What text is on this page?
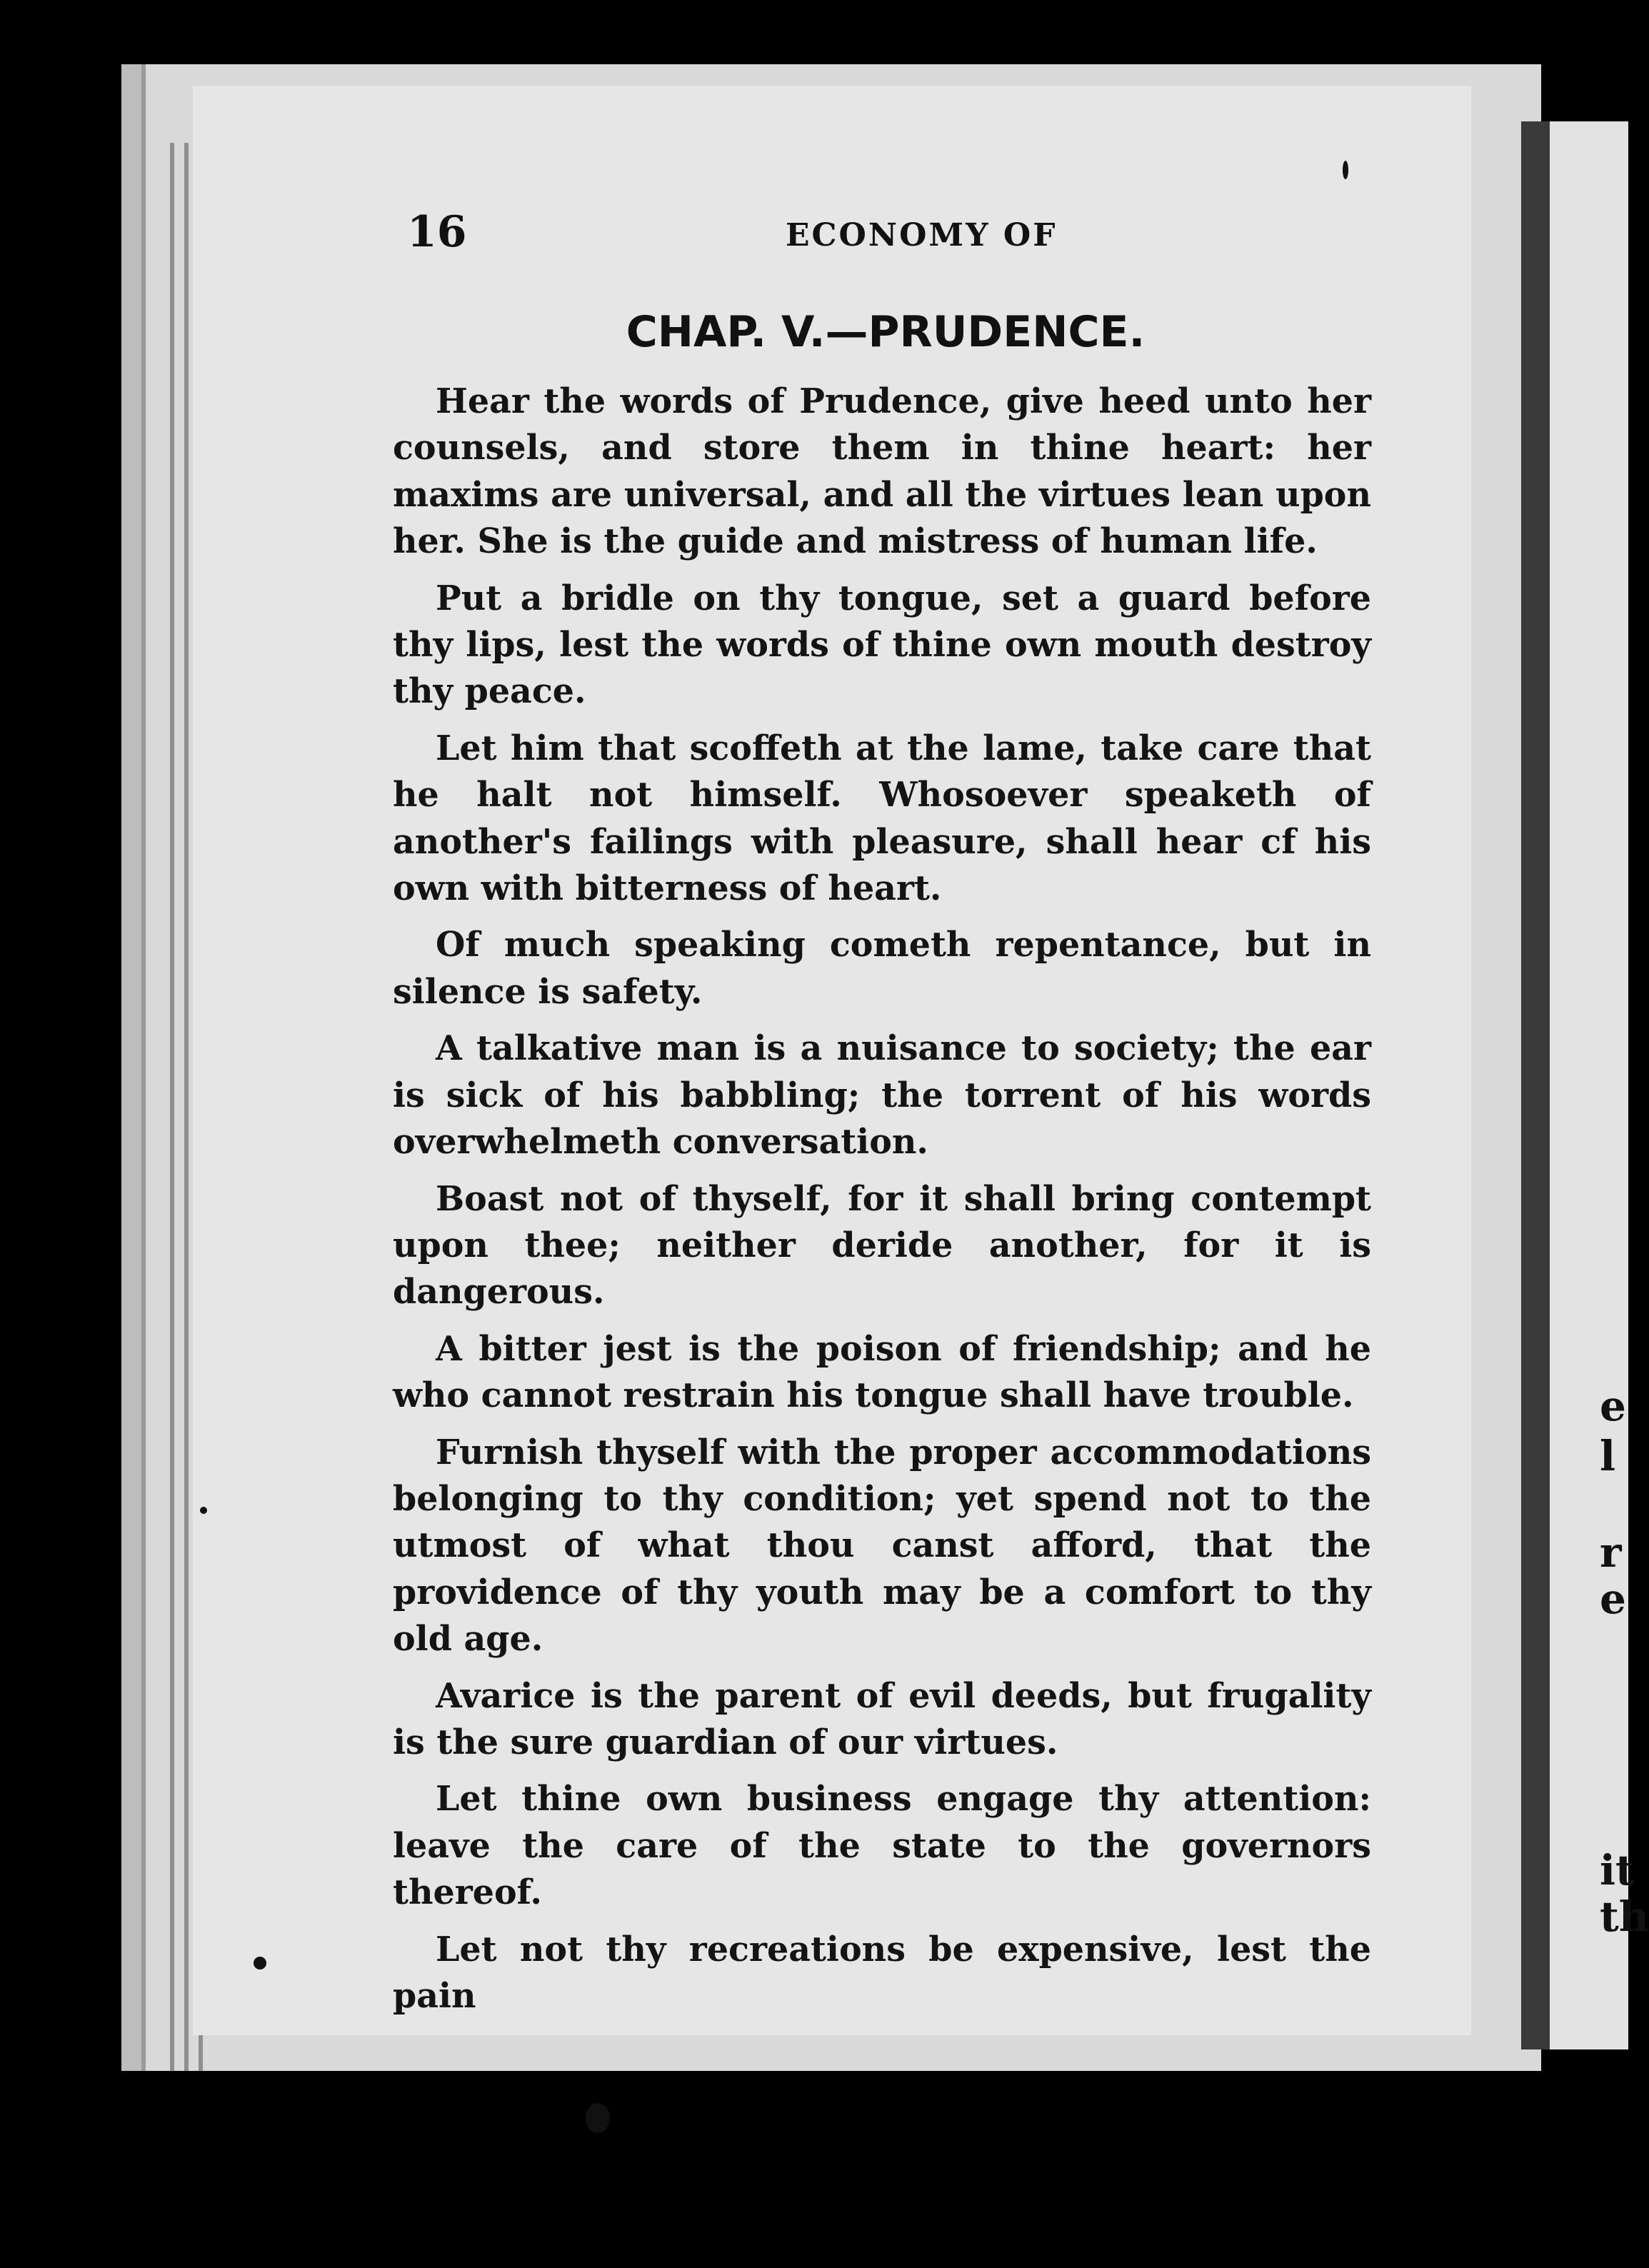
e
l
r
e
it
th
16	ECONOMY OF
CHAP. V.—PRUDENCE.

Hear the words of Prudence, give heed unto her counsels, and store them in thine heart: her maxims are universal, and all the virtues lean upon her. She is the guide and mistress of human life.

Put a bridle on thy tongue, set a guard before thy lips, lest the words of thine own mouth destroy thy peace.

Let him that scoffeth at the lame, take care that he halt not himself. Whosoever speaketh of another's failings with pleasure, shall hear cf his own with bitterness of heart.

Of much speaking cometh repentance, but in silence is safety.

A talkative man is a nuisance to society; the ear is sick of his babbling; the torrent of his words overwhelmeth conversation.

Boast not of thyself, for it shall bring contempt upon thee; neither deride another, for it is dangerous.

A bitter jest is the poison of friendship; and he who cannot restrain his tongue shall have trouble.

Furnish thyself with the proper accommodations belonging to thy condition; yet spend not to the utmost of what thou canst afford, that the providence of thy youth may be a comfort to thy old age.

Avarice is the parent of evil deeds, but frugality is the sure guardian of our virtues.

Let thine own business engage thy attention: leave the care of the state to the governors thereof.

Let not thy recreations be expensive, lest the pain
